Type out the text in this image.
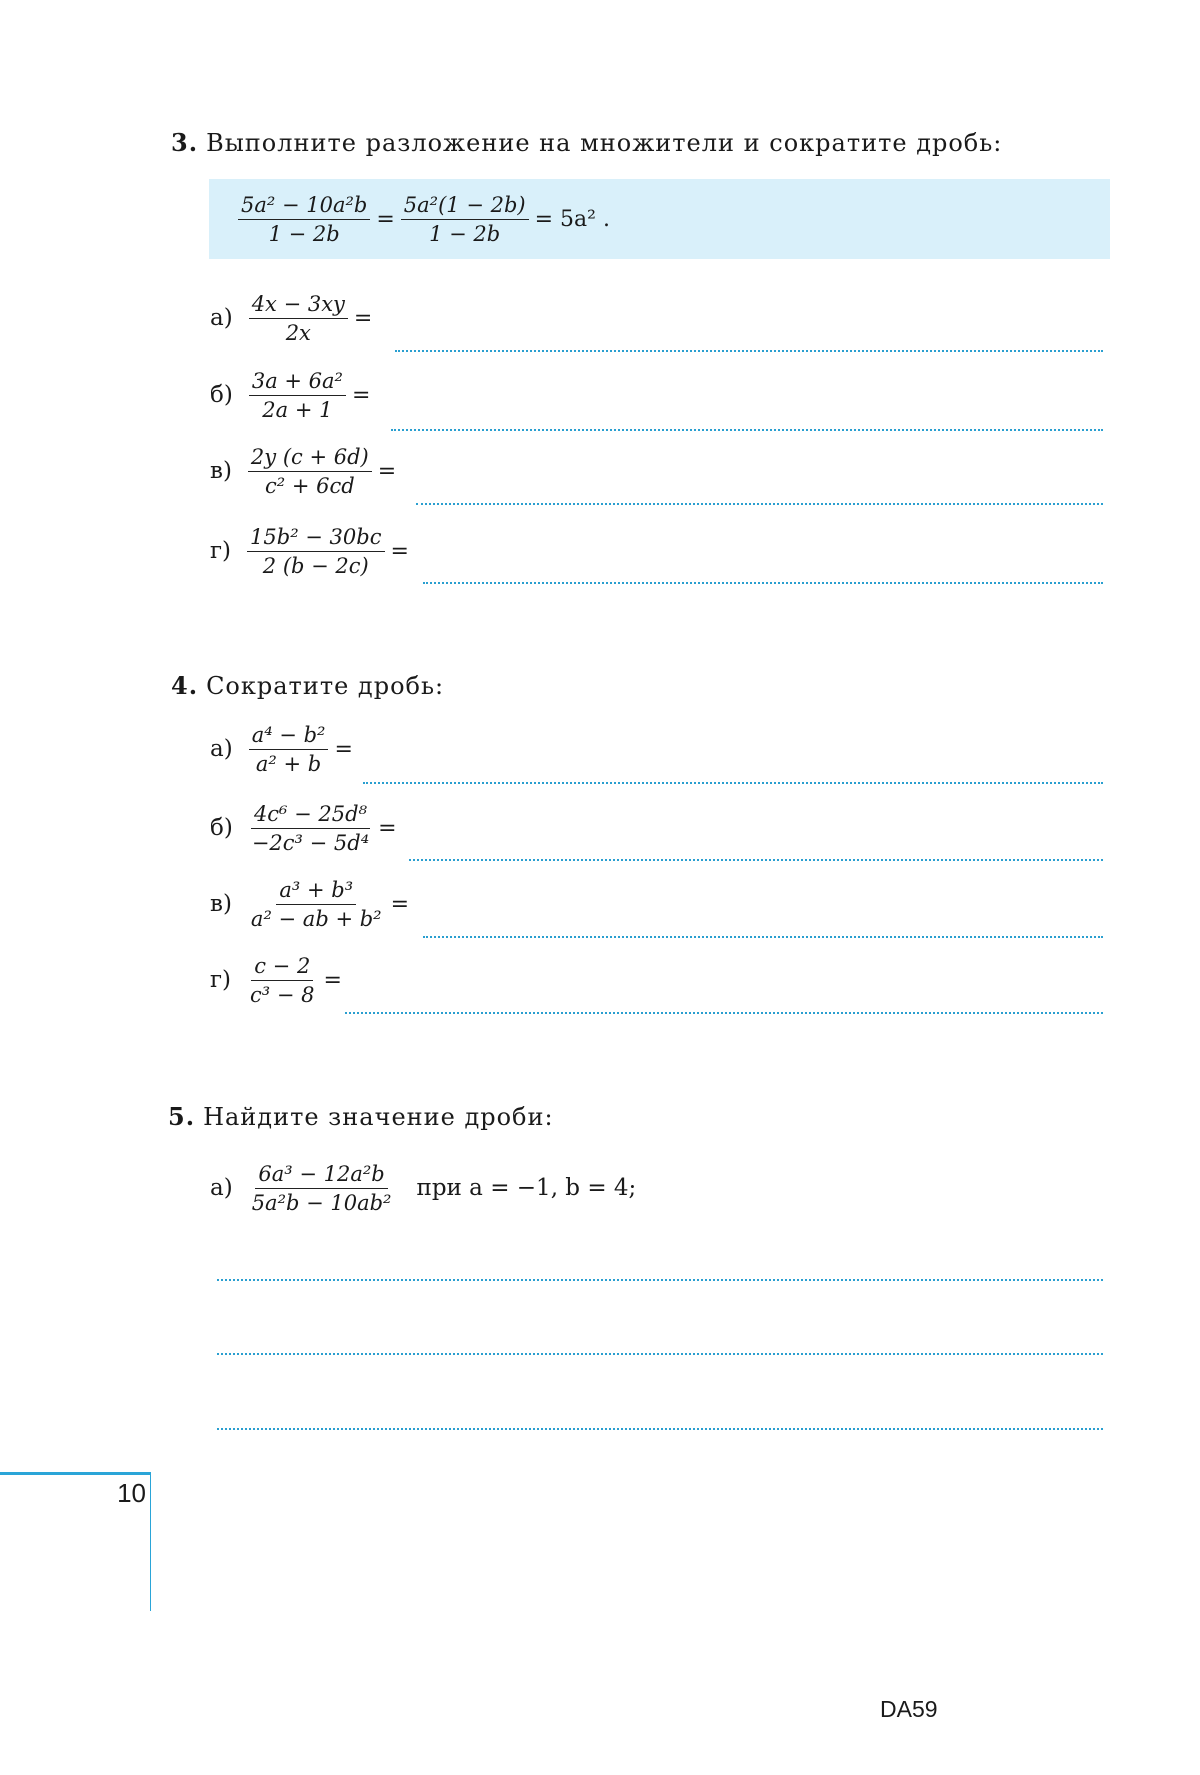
3. Выполните разложение на множители и сократите дробь:
$\frac{\text{5a² − 10a²b}}{1 - 2b} = \frac{\text{5a²(1 − 2b)}}{1 - 2b} = 5a^2$ .
$а) \frac{4x - 3xy}{2x}$ =
$б) \frac{\text{3a + 6a²}}{2a + 1}$ =
$в) \frac{2y (c + 6d)}{\text{c² + 6cd}}$ =
$г) \frac{\text{15b² − 30bc}}{2 (b - 2c)}$ =
4. Сократите дробь:
$а) \frac{\text{a⁴ − b²}}{\text{a² + b}}$ =
$б) \frac{\text{4c⁶ − 25d⁸}}{\text{−2c³ − 5d⁴}}$ =
$в) \frac{\text{a³ + b³}}{\text{a² − ab + b²}}$ =
$г) \frac{c - 2}{\text{c³ − 8}}$ =
5. Найдите значение дроби:
$а) \frac{\text{6a³ − 12a²b}}{\text{5a²b − 10ab²}}$ при a = −1, b = 4;
10
DA59
